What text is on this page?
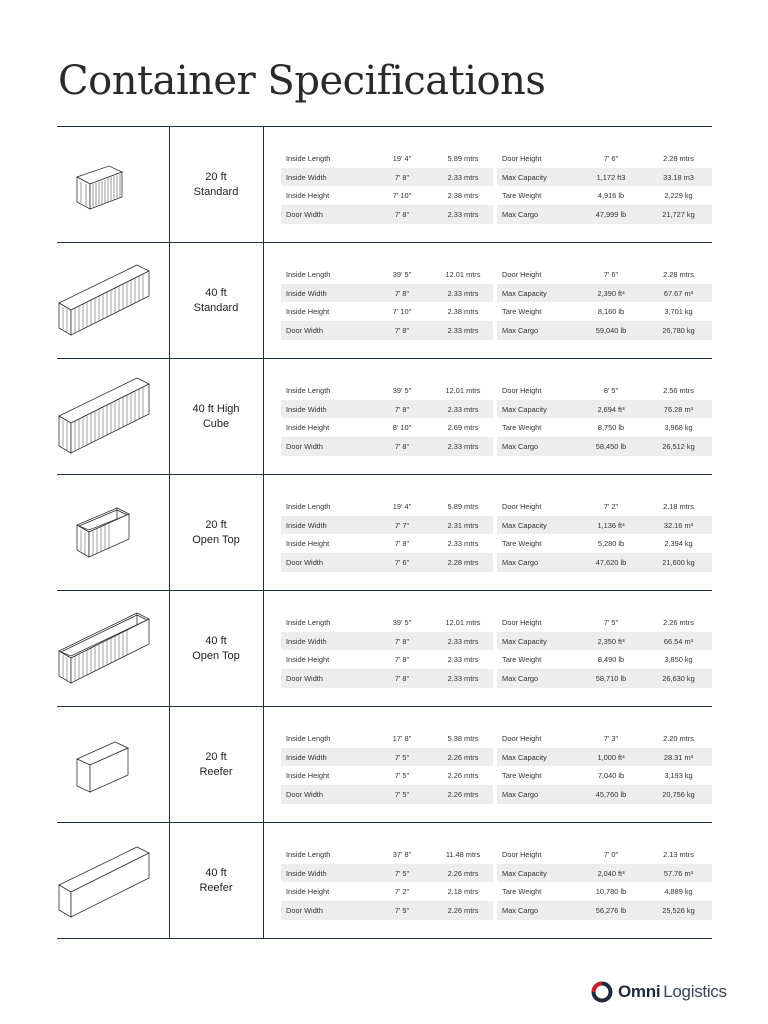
Container Specifications
20 ft
Standard
Inside Length	19' 4"	5.89 mtrs	Door Height	7' 6"	2.28 mtrs
Inside Width	7' 8"	2.33 mtrs	Max Capacity	1,172 ft3	33.18 m3
Inside Height	7' 10"	2.38 mtrs	Tare Weight	4,916 lb	2,229 kg
Door Width	7' 8"	2.33 mtrs	Max Cargo	47,999 lb	21,727 kg
40 ft
Standard
Inside Length	39' 5"	12.01 mtrs	Door Height	7' 6"	2.28 mtrs
Inside Width	7' 8"	2.33 mtrs	Max Capacity	2,390 ft³	67.67 m³
Inside Height	7' 10"	2.38 mtrs	Tare Weight	8,160 lb	3,701 kg
Door Width	7' 8"	2.33 mtrs	Max Cargo	59,040 lb	26,780 kg
40 ft High
Cube
Inside Length	39' 5"	12.01 mtrs	Door Height	8' 5"	2.56 mtrs
Inside Width	7' 8"	2.33 mtrs	Max Capacity	2,694 ft³	76.28 m³
Inside Height	8' 10"	2.69 mtrs	Tare Weight	8,750 lb	3,968 kg
Door Width	7' 8"	2.33 mtrs	Max Cargo	58,450 lb	26,512 kg
20 ft
Open Top
Inside Length	19' 4"	5.89 mtrs	Door Height	7' 2"	2.18 mtrs
Inside Width	7' 7"	2.31 mtrs	Max Capacity	1,136 ft³	32.16 m³
Inside Height	7' 8"	2.33 mtrs	Tare Weight	5,280 lb	2,394 kg
Door Width	7' 6"	2.28 mtrs	Max Cargo	47,620 lb	21,600 kg
40 ft
Open Top
Inside Length	39' 5"	12.01 mtrs	Door Height	7' 5"	2.26 mtrs
Inside Width	7' 8"	2.33 mtrs	Max Capacity	2,350 ft³	66.54 m³
Inside Height	7' 8"	2.33 mtrs	Tare Weight	8,490 lb	3,850 kg
Door Width	7' 8"	2.33 mtrs	Max Cargo	58,710 lb	26,630 kg
20 ft
Reefer
Inside Length	17' 8"	5.38 mtrs	Door Height	7' 3"	2.20 mtrs
Inside Width	7' 5"	2.26 mtrs	Max Capacity	1,000 ft³	28.31 m³
Inside Height	7' 5"	2.26 mtrs	Tare Weight	7,040 lb	3,193 kg
Door Width	7' 5"	2.26 mtrs	Max Cargo	45,760 lb	20,756 kg
40 ft
Reefer
Inside Length	37' 8"	11.48 mtrs	Door Height	7' 0"	2.13 mtrs
Inside Width	7' 5"	2.26 mtrs	Max Capacity	2,040 ft³	57.76 m³
Inside Height	7' 2"	2.18 mtrs	Tare Weight	10,780 lb	4,889 kg
Door Width	7' 5"	2.26 mtrs	Max Cargo	56,276 lb	25,526 kg
Omni Logistics
